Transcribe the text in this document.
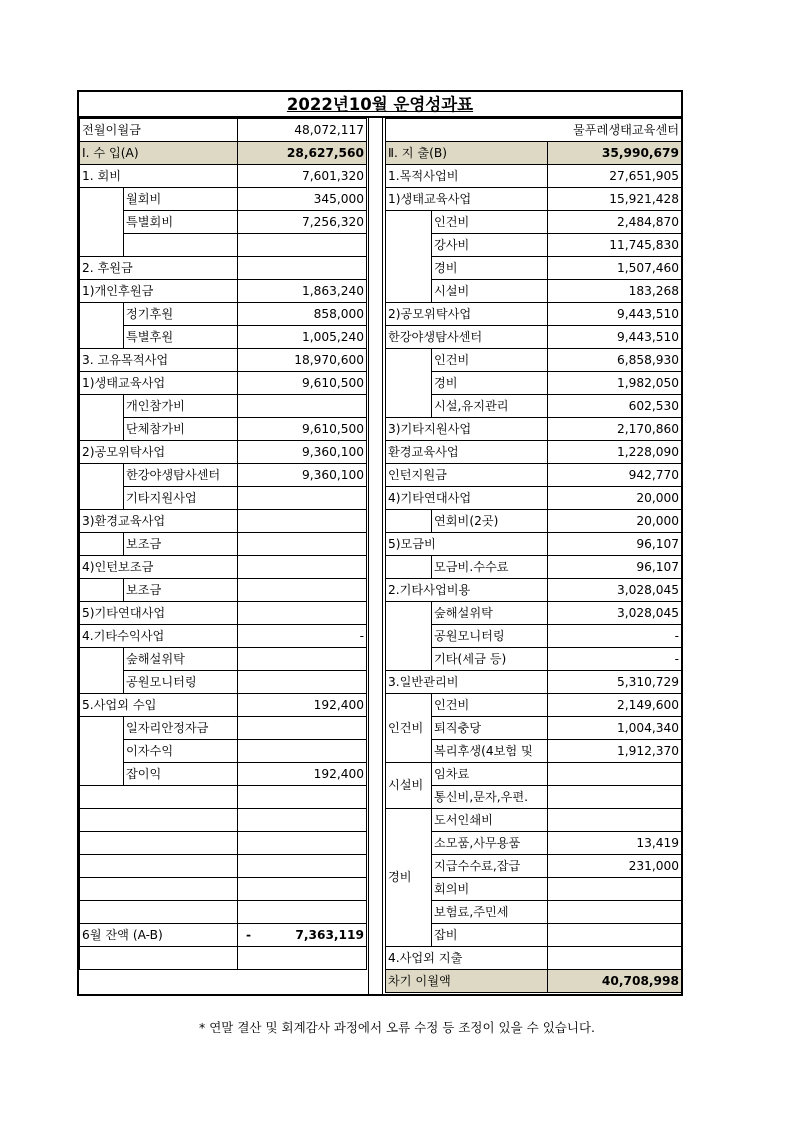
2022년10월 운영성과표
전월이월금		48,072,117
Ⅰ. 수 입(A)		28,627,560
1. 회비		7,601,320
	월회비	345,000
	특별회비	7,256,320

2. 후원금		
1)개인후원금		1,863,240
	정기후원	858,000
	특별후원	1,005,240
3. 고유목적사업		18,970,600
1)생태교육사업		9,610,500
	개인참가비	
	단체참가비	9,610,500
2)공모위탁사업		9,360,100
	한강야생탐사센터	9,360,100
	기타지원사업	
3)환경교육사업		
	보조금	
4)인턴보조금		
	보조금	
5)기타연대사업		
4.기타수익사업		-
	숲해설위탁	
	공원모니터링	
5.사업외 수입		192,400
	일자리안정자금	
	이자수익	
	잡이익	192,400

6월 잔액 (A-B)		- 7,363,119

		물푸레생태교육센터
Ⅱ. 지 출(B)		35,990,679
1.목적사업비		27,651,905
1)생태교육사업		15,921,428
	인건비	2,484,870
	강사비	11,745,830
	경비	1,507,460
	시설비	183,268
2)공모위탁사업		9,443,510
한강야생탐사센터		9,443,510
	인건비	6,858,930
	경비	1,982,050
	시설,유지관리	602,530
3)기타지원사업		2,170,860
환경교육사업		1,228,090
인턴지원금		942,770
4)기타연대사업		20,000
	연회비(2곳)	20,000
5)모금비		96,107
	모금비.수수료	96,107
2.기타사업비용		3,028,045
	숲해설위탁	3,028,045
	공원모니터링	-
	기타(세금 등)	-
3.일반관리비		5,310,729
인건비	인건비	2,149,600
	퇴직충당	1,004,340
	복리후생(4보험 및	1,912,370
시설비	임차료	
	통신비,문자,우편.	
경비	도서인쇄비	
	소모품,사무용품	13,419
	지급수수료,잡급	231,000
	회의비	
	보험료,주민세	
	잡비	
4.사업외 지출		
차기 이월액		40,708,998
* 연말 결산 및 회계감사 과정에서 오류 수정 등 조정이 있을 수 있습니다.
